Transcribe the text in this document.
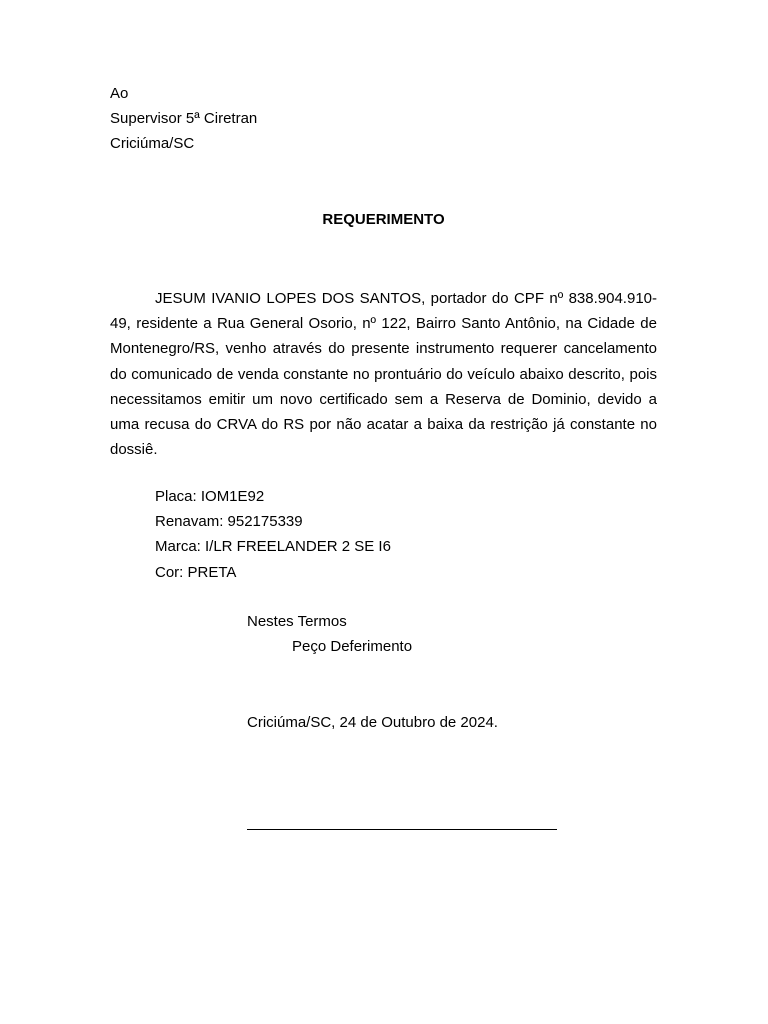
Ao
Supervisor 5ª Ciretran
Criciúma/SC
REQUERIMENTO

JESUM IVANIO LOPES DOS SANTOS, portador do CPF nº 838.904.910-49, residente a Rua General Osorio, nº 122, Bairro Santo Antônio, na Cidade de Montenegro/RS, venho através do presente instrumento requerer cancelamento do comunicado de venda constante no prontuário do veículo abaixo descrito, pois necessitamos emitir um novo certificado sem a Reserva de Dominio, devido a uma recusa do CRVA do RS por não acatar a baixa da restrição já constante no dossiê.

Placa: IOM1E92
Renavam: 952175339
Marca: I/LR FREELANDER 2 SE I6
Cor: PRETA
Nestes Termos
Peço Deferimento
Criciúma/SC, 24 de Outubro de 2024.
